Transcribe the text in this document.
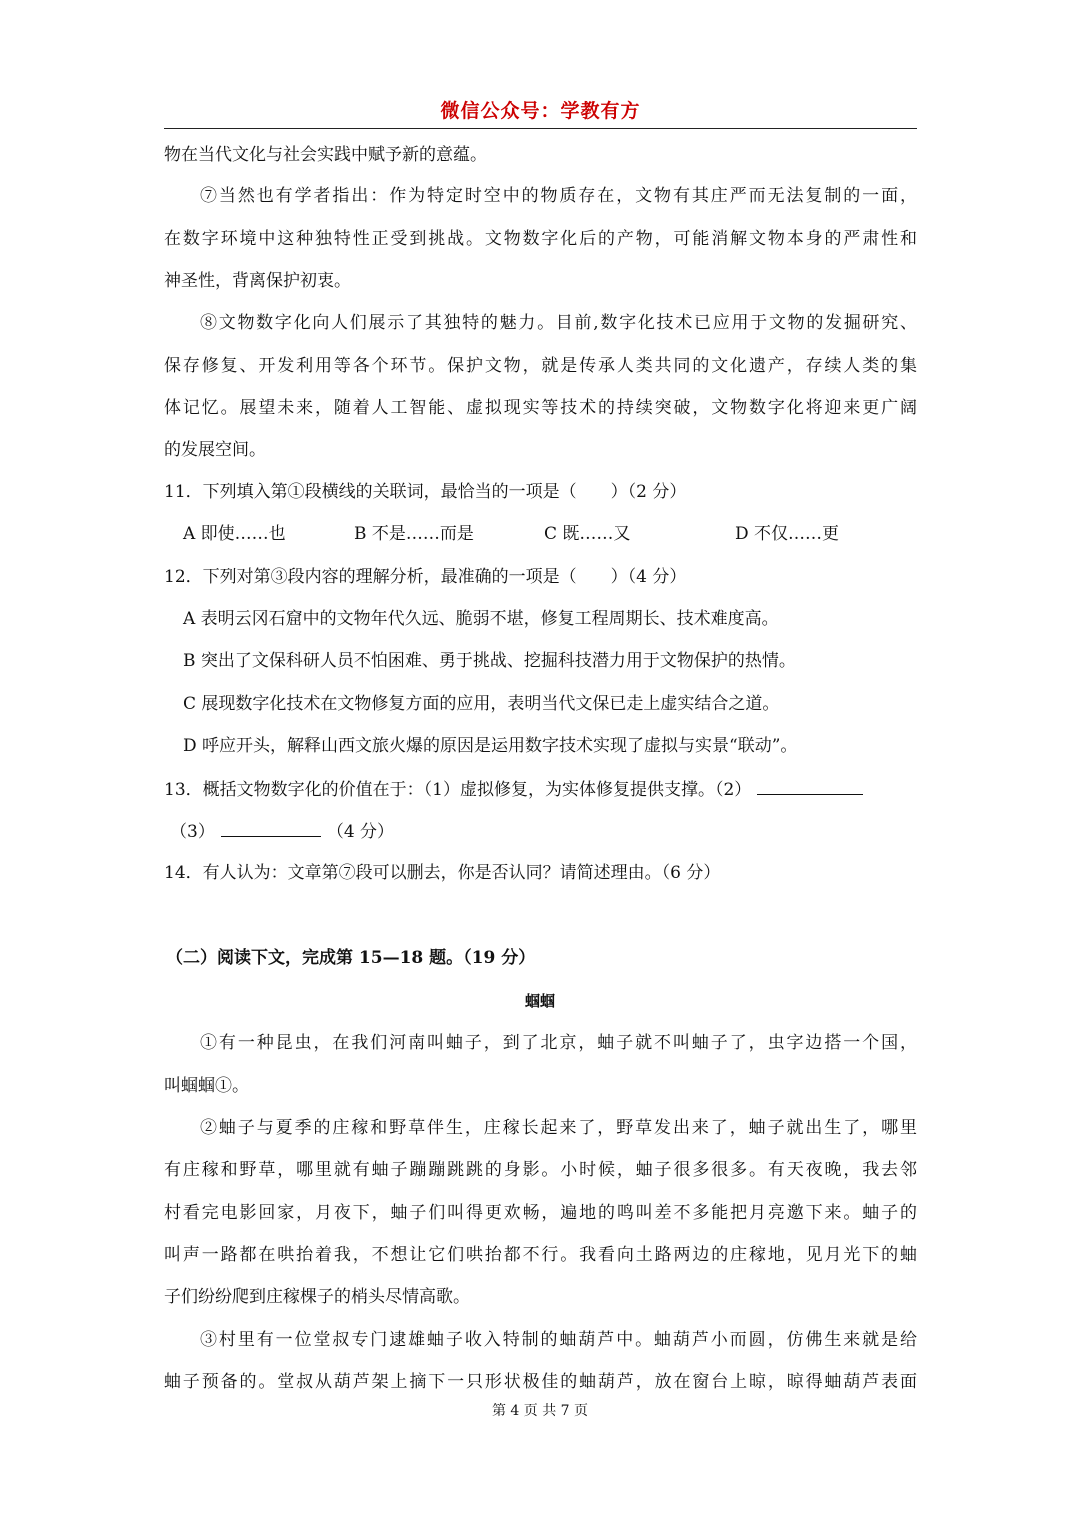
微信公众号：学教有方
物在当代文化与社会实践中赋予新的意蕴。
⑦当然也有学者指出：作为特定时空中的物质存在，文物有其庄严而无法复制的一面，
在数字环境中这种独特性正受到挑战。文物数字化后的产物，可能消解文物本身的严肃性和
神圣性，背离保护初衷。
⑧文物数字化向人们展示了其独特的魅力。目前,数字化技术已应用于文物的发掘研究、
保存修复、开发利用等各个环节。保护文物，就是传承人类共同的文化遗产，存续人类的集
体记忆。展望未来，随着人工智能、虚拟现实等技术的持续突破，文物数字化将迎来更广阔
的发展空间。
11．下列填入第①段横线的关联词，最恰当的一项是（　　）（2 分）
A 即使……也	B 不是……而是	C 既……又	D 不仅……更
12．下列对第③段内容的理解分析，最准确的一项是（　　）（4 分）
A 表明云冈石窟中的文物年代久远、脆弱不堪，修复工程周期长、技术难度高。
B 突出了文保科研人员不怕困难、勇于挑战、挖掘科技潜力用于文物保护的热情。
C 展现数字化技术在文物修复方面的应用，表明当代文保已走上虚实结合之道。
D 呼应开头，解释山西文旅火爆的原因是运用数字技术实现了虚拟与实景“联动”。
13．概括文物数字化的价值在于：（1）虚拟修复，为实体修复提供支撑。（2）
（3）	（4 分）
14．有人认为：文章第⑦段可以删去，你是否认同？请简述理由。（6 分）
（二）阅读下文，完成第 15—18 题。（19 分）
蝈蝈
①有一种昆虫，在我们河南叫蚰子，到了北京，蚰子就不叫蚰子了，虫字边搭一个国，
叫蝈蝈①。
②蚰子与夏季的庄稼和野草伴生，庄稼长起来了，野草发出来了，蚰子就出生了，哪里
有庄稼和野草，哪里就有蚰子蹦蹦跳跳的身影。小时候，蚰子很多很多。有天夜晚，我去邻
村看完电影回家，月夜下，蚰子们叫得更欢畅，遍地的鸣叫差不多能把月亮邀下来。蚰子的
叫声一路都在哄抬着我，不想让它们哄抬都不行。我看向土路两边的庄稼地，见月光下的蚰
子们纷纷爬到庄稼棵子的梢头尽情高歌。
③村里有一位堂叔专门逮雄蚰子收入特制的蚰葫芦中。蚰葫芦小而圆，仿佛生来就是给
蚰子预备的。堂叔从葫芦架上摘下一只形状极佳的蚰葫芦，放在窗台上晾，晾得蚰葫芦表面
第 4 页 共 7 页
